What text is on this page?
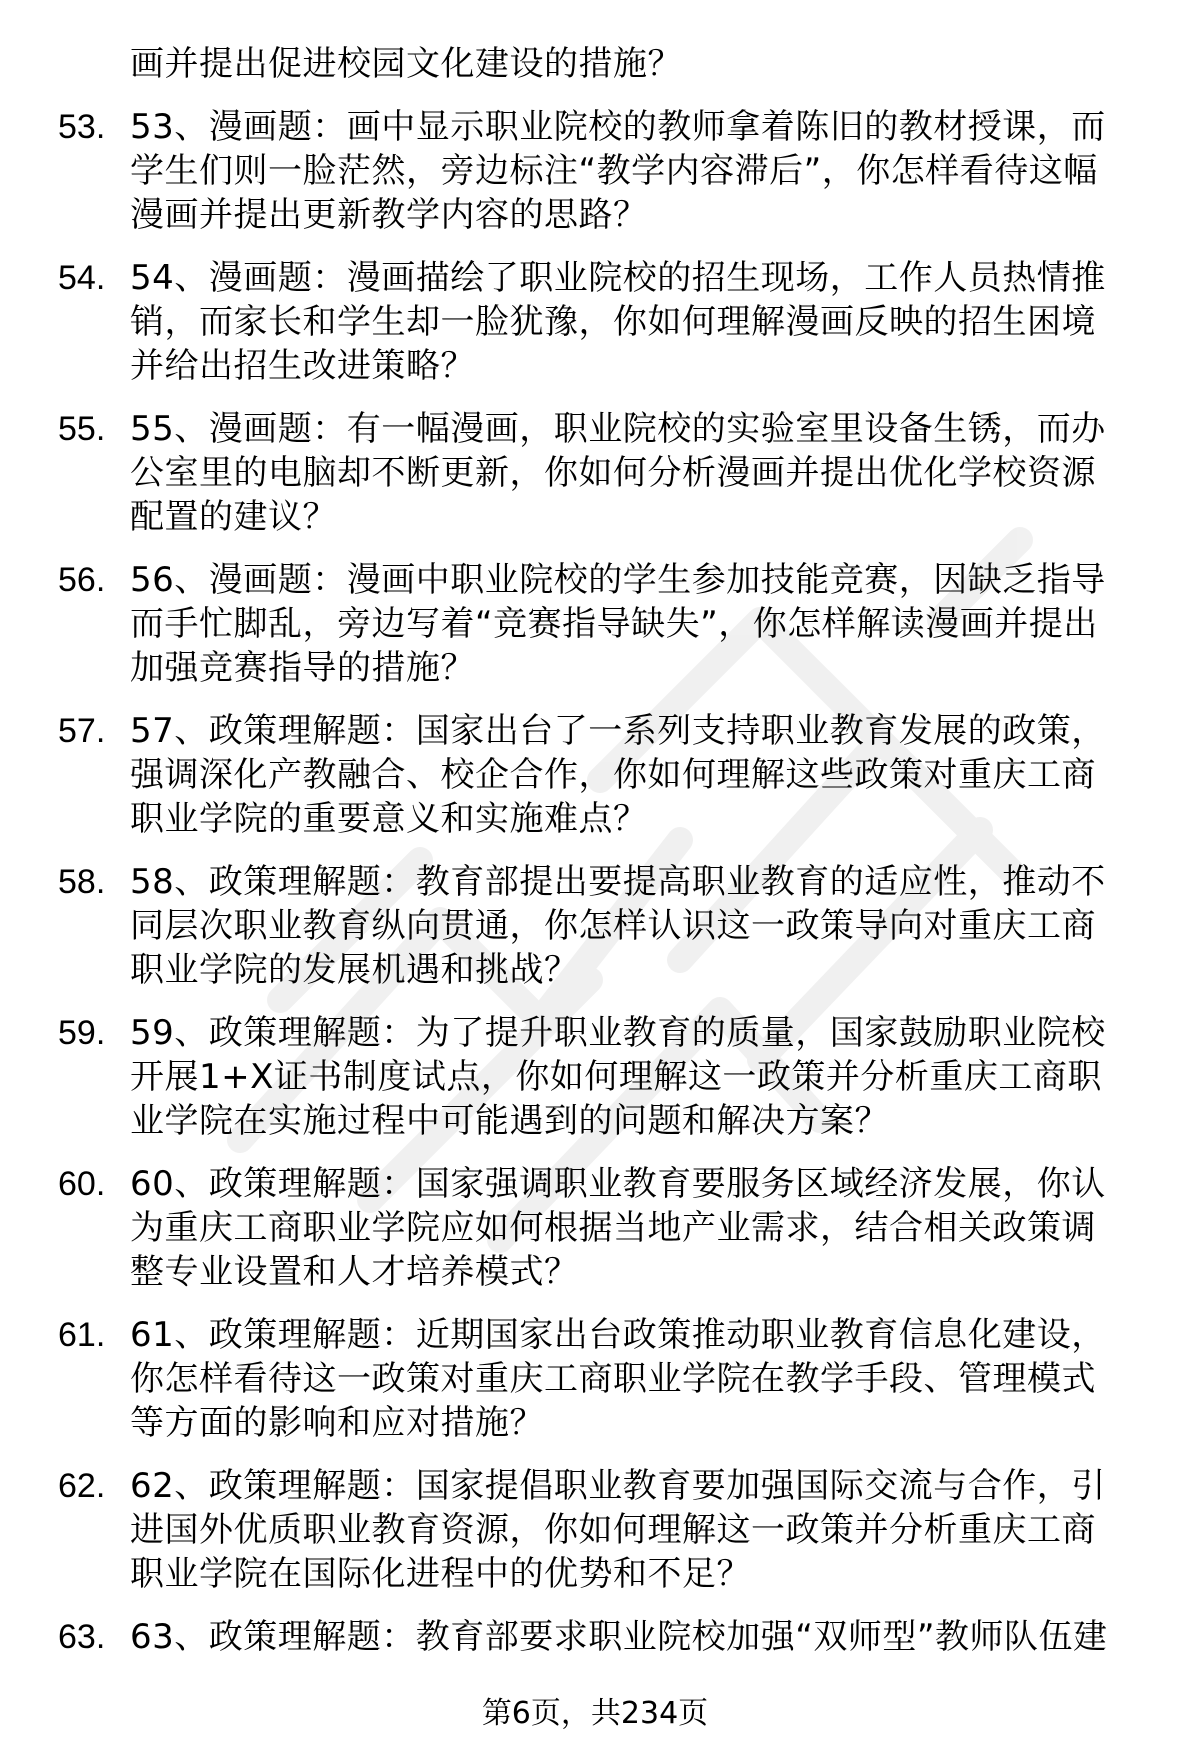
画并提出促进校园文化建设的措施？
53. 53、漫画题：画中显示职业院校的教师拿着陈旧的教材授课，而
学生们则一脸茫然，旁边标注“教学内容滞后”，你怎样看待这幅
漫画并提出更新教学内容的思路？
54. 54、漫画题：漫画描绘了职业院校的招生现场，工作人员热情推
销，而家长和学生却一脸犹豫，你如何理解漫画反映的招生困境
并给出招生改进策略？
55. 55、漫画题：有一幅漫画，职业院校的实验室里设备生锈，而办
公室里的电脑却不断更新，你如何分析漫画并提出优化学校资源
配置的建议？
56. 56、漫画题：漫画中职业院校的学生参加技能竞赛，因缺乏指导
而手忙脚乱，旁边写着“竞赛指导缺失”，你怎样解读漫画并提出
加强竞赛指导的措施？
57. 57、政策理解题：国家出台了一系列支持职业教育发展的政策，
强调深化产教融合、校企合作，你如何理解这些政策对重庆工商
职业学院的重要意义和实施难点？
58. 58、政策理解题：教育部提出要提高职业教育的适应性，推动不
同层次职业教育纵向贯通，你怎样认识这一政策导向对重庆工商
职业学院的发展机遇和挑战？
59. 59、政策理解题：为了提升职业教育的质量，国家鼓励职业院校
开展1+X证书制度试点，你如何理解这一政策并分析重庆工商职
业学院在实施过程中可能遇到的问题和解决方案？
60. 60、政策理解题：国家强调职业教育要服务区域经济发展，你认
为重庆工商职业学院应如何根据当地产业需求，结合相关政策调
整专业设置和人才培养模式？
61. 61、政策理解题：近期国家出台政策推动职业教育信息化建设，
你怎样看待这一政策对重庆工商职业学院在教学手段、管理模式
等方面的影响和应对措施？
62. 62、政策理解题：国家提倡职业教育要加强国际交流与合作，引
进国外优质职业教育资源，你如何理解这一政策并分析重庆工商
职业学院在国际化进程中的优势和不足？
63. 63、政策理解题：教育部要求职业院校加强“双师型”教师队伍建
第6页，共234页
